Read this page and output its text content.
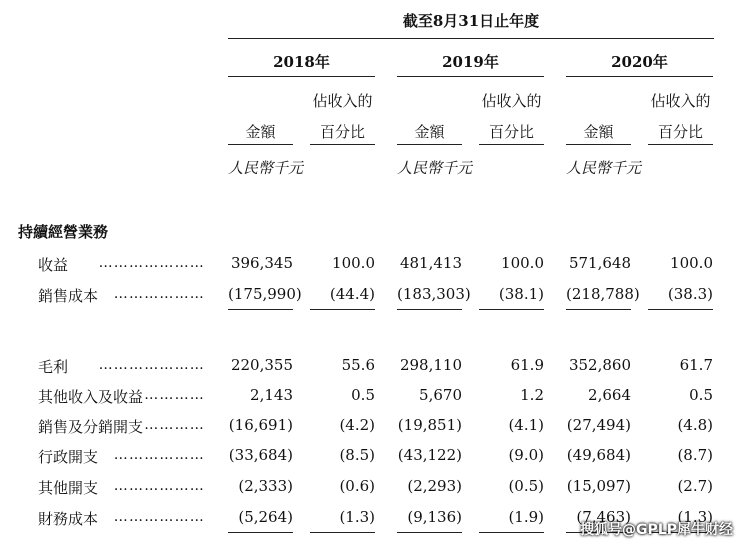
截至8月31日止年度
2018年	2019年	2020年
佔收入的	佔收入的	佔收入的
金額	百分比	金額	百分比	金額	百分比
人民幣千元	人民幣千元	人民幣千元
持續經營業務
收益 ………………… 396,345	100.0 481,413	100.0 571,648	100.0
銷售成本 ……………… (175,990)	(44.4) (183,303)	(38.1) (218,788)	(38.3)
毛利 ………………… 220,355	55.6 298,110	61.9 352,860	61.7
其他收入及收益 …………	2,143	0.5	5,670	1.2	2,664	0.5
銷售及分銷開支 ………… (16,691)	(4.2) (19,851)	(4.1) (27,494)	(4.8)
行政開支 ……………… (33,684)	(8.5) (43,122)	(9.0) (49,684)	(8.7)
其他開支 ………………	(2,333)	(0.6)	(2,293)	(0.5) (15,097)	(2.7)
財務成本 ………………	(5,264)	(1.3)	(9,136)	(1.9)	(7,463)	(1.3)
搜狐号@GPLP犀牛财经
